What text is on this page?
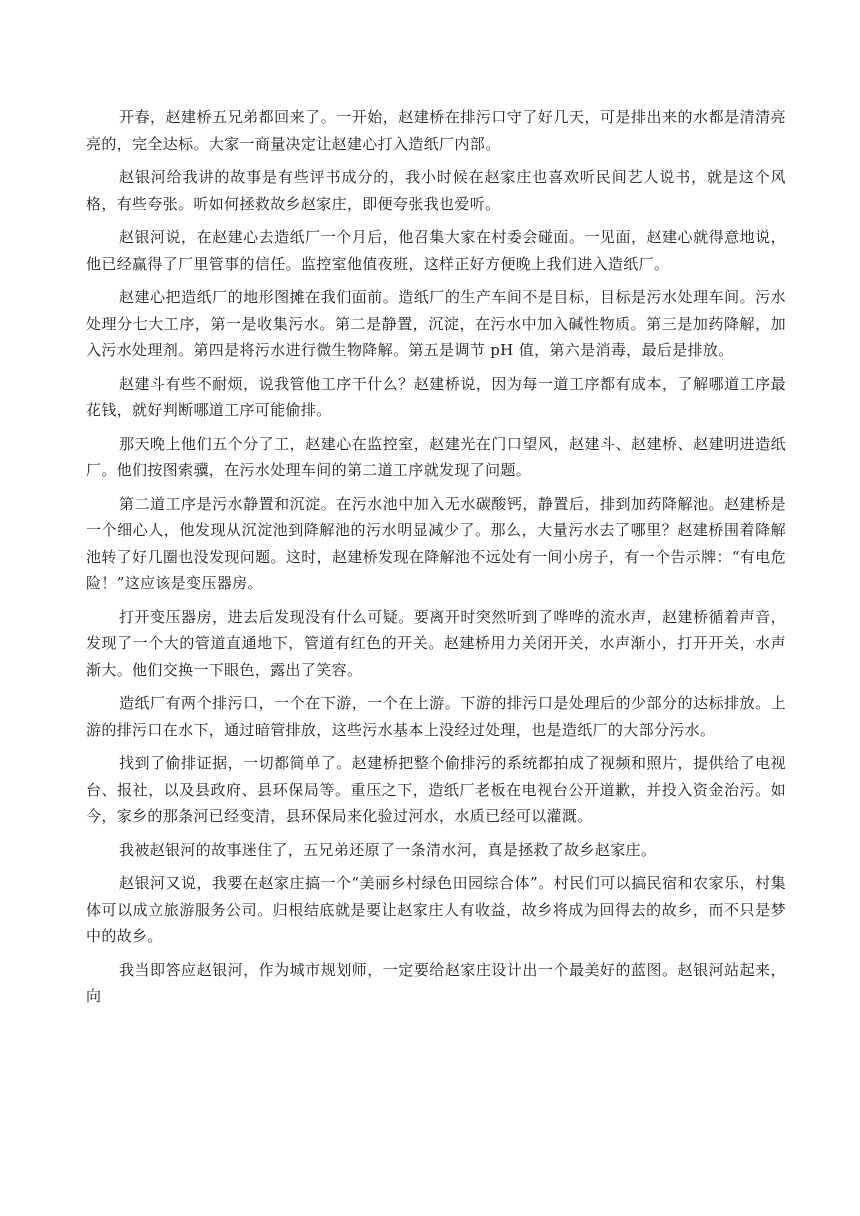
开春，赵建桥五兄弟都回来了。一开始，赵建桥在排污口守了好几天，可是排出来的水都是清清亮亮的，完全达标。大家一商量决定让赵建心打入造纸厂内部。

赵银河给我讲的故事是有些评书成分的，我小时候在赵家庄也喜欢听民间艺人说书，就是这个风格，有些夸张。听如何拯救故乡赵家庄，即便夸张我也爱听。

赵银河说，在赵建心去造纸厂一个月后，他召集大家在村委会碰面。一见面，赵建心就得意地说，他已经赢得了厂里管事的信任。监控室他值夜班，这样正好方便晚上我们进入造纸厂。

赵建心把造纸厂的地形图摊在我们面前。造纸厂的生产车间不是目标，目标是污水处理车间。污水处理分七大工序，第一是收集污水。第二是静置，沉淀，在污水中加入碱性物质。第三是加药降解，加入污水处理剂。第四是将污水进行微生物降解。第五是调节 pH 值，第六是消毒，最后是排放。

赵建斗有些不耐烦，说我管他工序干什么？赵建桥说，因为每一道工序都有成本，了解哪道工序最花钱，就好判断哪道工序可能偷排。

那天晚上他们五个分了工，赵建心在监控室，赵建光在门口望风，赵建斗、赵建桥、赵建明进造纸厂。他们按图索骥，在污水处理车间的第二道工序就发现了问题。

第二道工序是污水静置和沉淀。在污水池中加入无水碳酸钙，静置后，排到加药降解池。赵建桥是一个细心人，他发现从沉淀池到降解池的污水明显减少了。那么，大量污水去了哪里？赵建桥围着降解池转了好几圈也没发现问题。这时，赵建桥发现在降解池不远处有一间小房子，有一个告示牌：“有电危险！”这应该是变压器房。

打开变压器房，进去后发现没有什么可疑。要离开时突然听到了哗哗的流水声，赵建桥循着声音，发现了一个大的管道直通地下，管道有红色的开关。赵建桥用力关闭开关，水声渐小，打开开关，水声渐大。他们交换一下眼色，露出了笑容。

造纸厂有两个排污口，一个在下游，一个在上游。下游的排污口是处理后的少部分的达标排放。上游的排污口在水下，通过暗管排放，这些污水基本上没经过处理，也是造纸厂的大部分污水。

找到了偷排证据，一切都简单了。赵建桥把整个偷排污的系统都拍成了视频和照片，提供给了电视台、报社，以及县政府、县环保局等。重压之下，造纸厂老板在电视台公开道歉，并投入资金治污。如今，家乡的那条河已经变清，县环保局来化验过河水，水质已经可以灌溉。

我被赵银河的故事迷住了，五兄弟还原了一条清水河，真是拯救了故乡赵家庄。

赵银河又说，我要在赵家庄搞一个“美丽乡村绿色田园综合体”。村民们可以搞民宿和农家乐，村集体可以成立旅游服务公司。归根结底就是要让赵家庄人有收益，故乡将成为回得去的故乡，而不只是梦中的故乡。

我当即答应赵银河，作为城市规划师，一定要给赵家庄设计出一个最美好的蓝图。赵银河站起来，向
